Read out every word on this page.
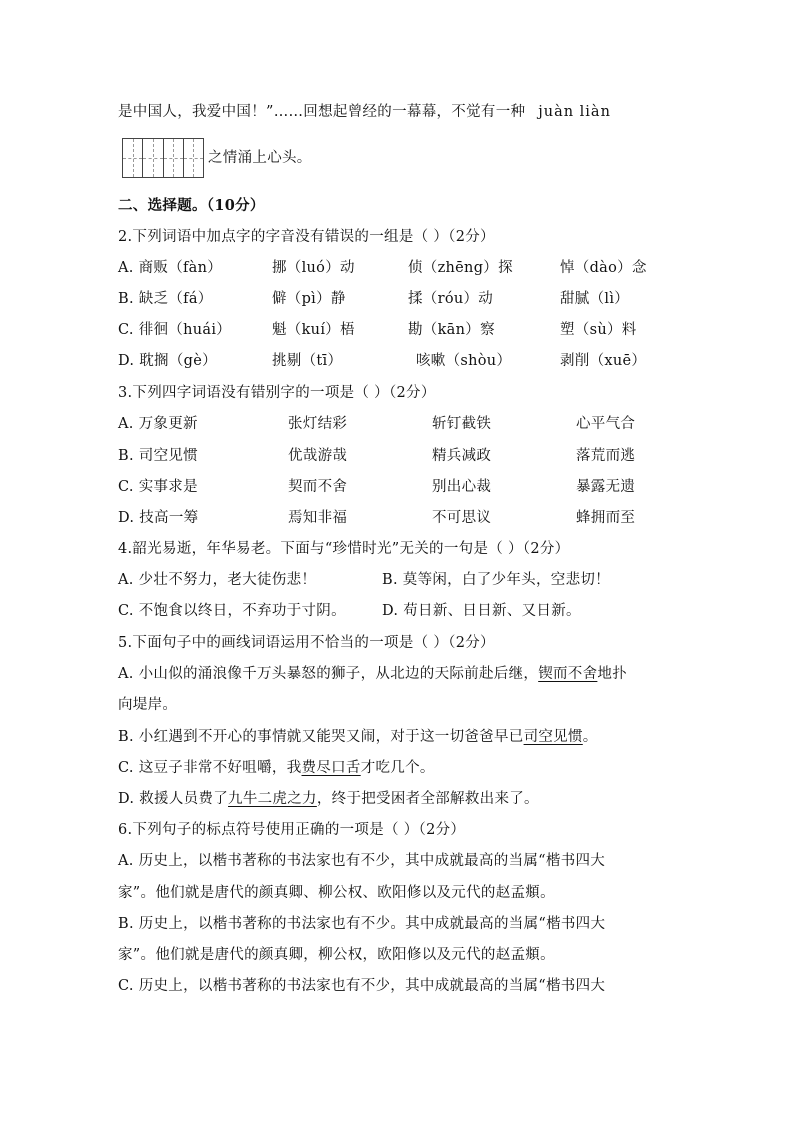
是中国人，我爱中国！”……回想起曾经的一幕幕，不觉有一种 juàn liàn
之情涌上心头。
二、选择题。（10分）
2.下列词语中加点字的字音没有错误的一组是（ ）（2分）
A. 商贩（fàn）	挪（luó）动	侦（zhēng）探	悼（dào）念
B. 缺乏（fá）	僻（pì）静	揉（róu）动	甜腻（lì）
C. 徘徊（huái）	魁（kuí）梧	勘（kān）察	塑（sù）料
D. 耽搁（gè）	挑剔（tī）	咳嗽（shòu）	剥削（xuē）
3.下列四字词语没有错别字的一项是（ ）（2分）
A. 万象更新	张灯结彩	斩钉截铁	心平气合
B. 司空见惯	优哉游哉	精兵减政	落荒而逃
C. 实事求是	契而不舍	别出心裁	暴露无遗
D. 技高一筹	焉知非福	不可思议	蜂拥而至
4.韶光易逝，年华易老。下面与“珍惜时光”无关的一句是（ ）（2分）
A. 少壮不努力，老大徒伤悲！	B. 莫等闲，白了少年头，空悲切！
C. 不饱食以终日，不弃功于寸阴。 D. 苟日新、日日新、又日新。
5.下面句子中的画线词语运用不恰当的一项是（ ）（2分）
A. 小山似的涌浪像千万头暴怒的狮子，从北边的天际前赴后继，锲而不舍地扑
向堤岸。
B. 小红遇到不开心的事情就又能哭又闹，对于这一切爸爸早已司空见惯。
C. 这豆子非常不好咀嚼，我费尽口舌才吃几个。
D. 救援人员费了九牛二虎之力，终于把受困者全部解救出来了。
6.下列句子的标点符号使用正确的一项是（ ）（2分）
A. 历史上，以楷书著称的书法家也有不少，其中成就最高的当属“楷书四大
家”。他们就是唐代的颜真卿、柳公权、欧阳修以及元代的赵孟頫。
B. 历史上，以楷书著称的书法家也有不少。其中成就最高的当属“楷书四大
家”。他们就是唐代的颜真卿，柳公权，欧阳修以及元代的赵孟頫。
C. 历史上，以楷书著称的书法家也有不少，其中成就最高的当属“楷书四大
